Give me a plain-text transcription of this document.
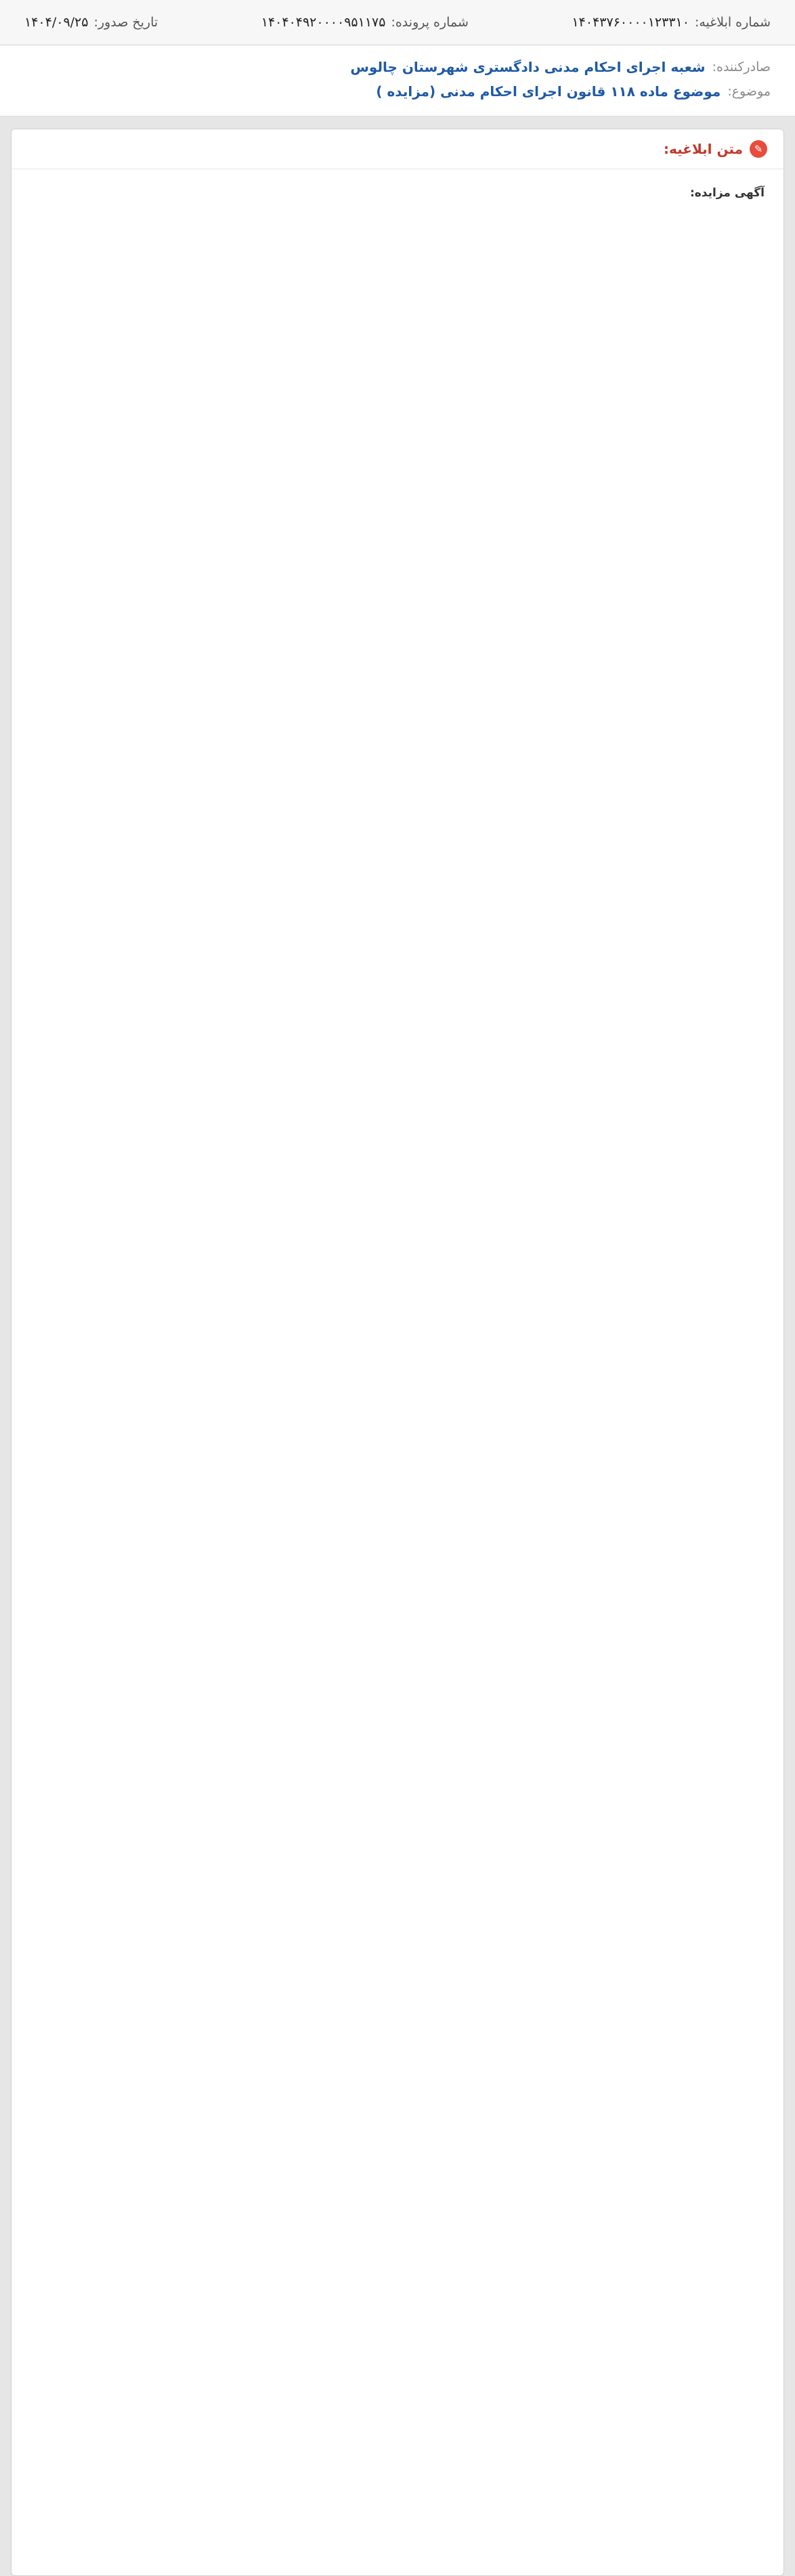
شماره ابلاغیه:
۱۴۰۴۳۷۶۰۰۰۰۱۲۳۳۱۰
شماره پرونده:
۱۴۰۴۰۴۹۲۰۰۰۰۹۵۱۱۷۵
تاریخ صدور:
۱۴۰۴/۰۹/۲۵
صادرکننده:
شعبه اجرای احکام مدنی دادگستری شهرستان چالوس
موضوع:
موضوع ماده ۱۱۸ قانون اجرای احکام مدنی (مزایده )
✎
متن ابلاغیه:
آگهی مزایده:
